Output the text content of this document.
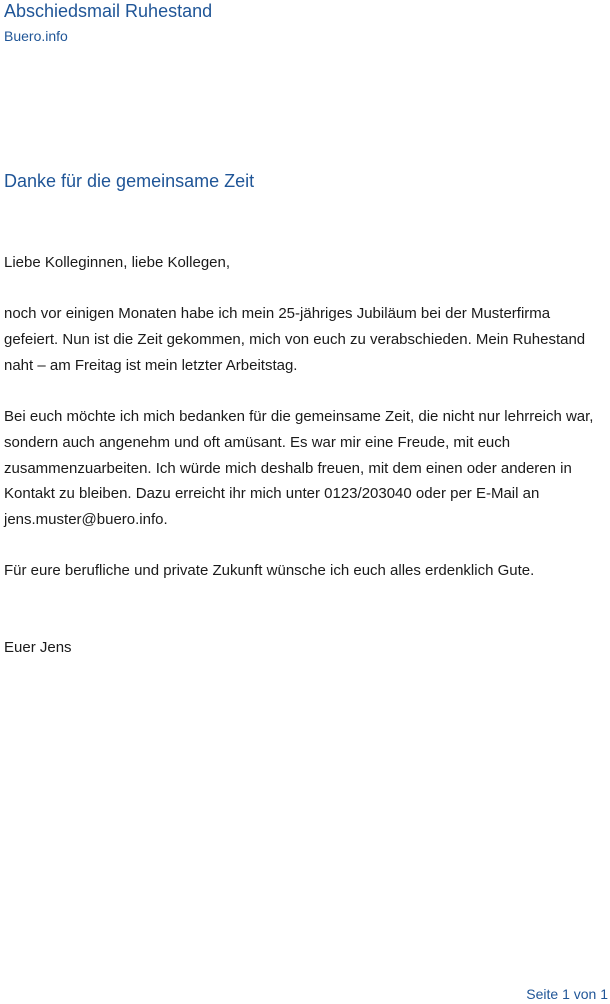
Abschiedsmail Ruhestand
Buero.info
Danke für die gemeinsame Zeit

Liebe Kolleginnen, liebe Kollegen,

noch vor einigen Monaten habe ich mein 25-jähriges Jubiläum bei der Musterfirma gefeiert. Nun ist die Zeit gekommen, mich von euch zu verabschieden. Mein Ruhestand naht – am Freitag ist mein letzter Arbeitstag.

Bei euch möchte ich mich bedanken für die gemeinsame Zeit, die nicht nur lehrreich war, sondern auch angenehm und oft amüsant. Es war mir eine Freude, mit euch zusammenzuarbeiten. Ich würde mich deshalb freuen, mit dem einen oder anderen in Kontakt zu bleiben. Dazu erreicht ihr mich unter 0123/203040 oder per E-Mail an jens.muster@buero.info.

Für eure berufliche und private Zukunft wünsche ich euch alles erdenklich Gute.

Euer Jens

Seite 1 von 1
